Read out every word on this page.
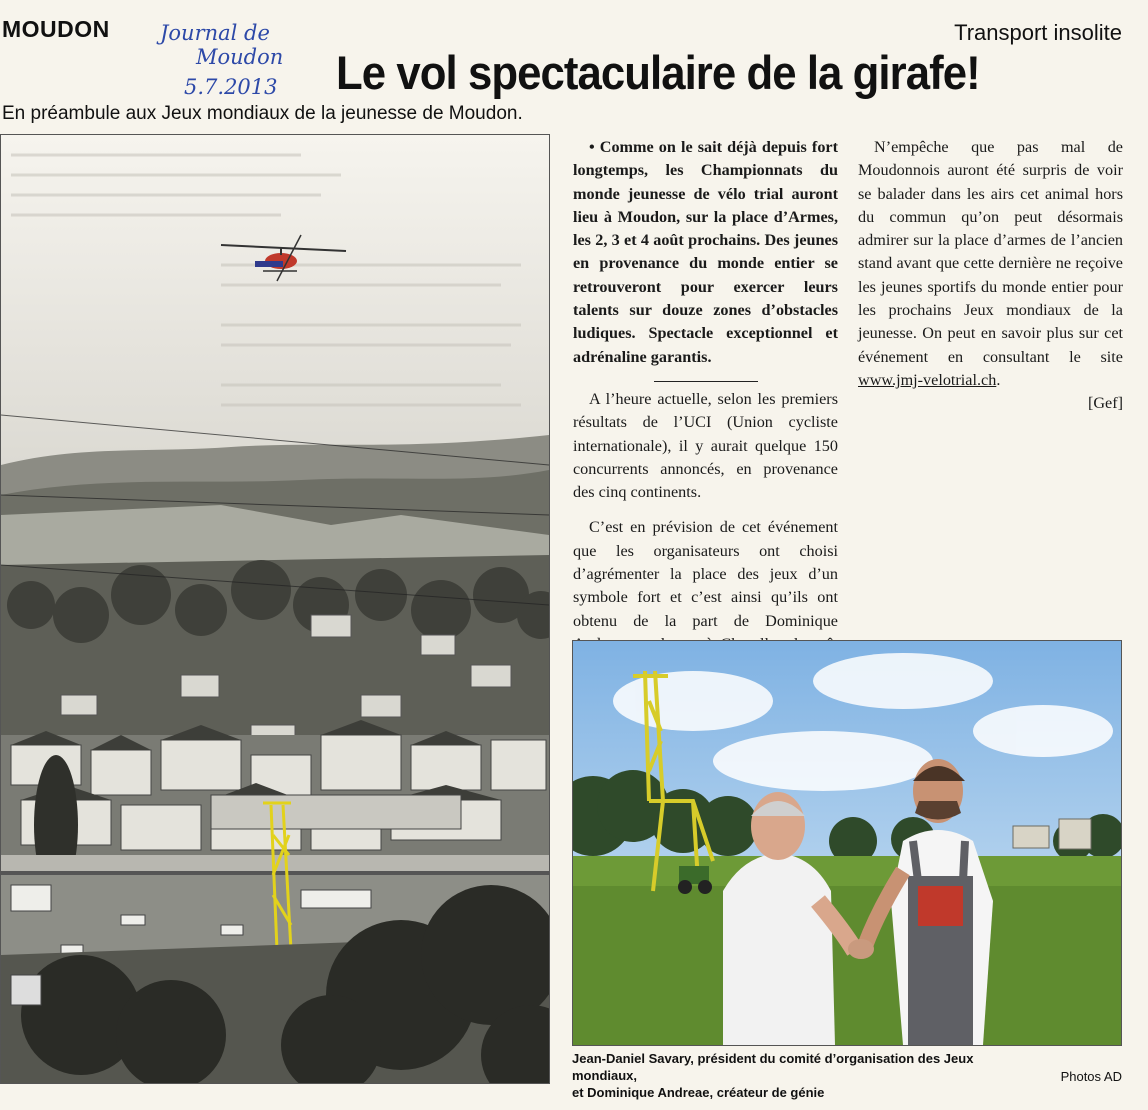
MOUDON Journal de
Moudon
5.7.2013
Transport insolite
Le vol spectaculaire de la girafe!
En préambule aux Jeux mondiaux de la jeunesse de Moudon.

• Comme on le sait déjà depuis fort longtemps, les Championnats du monde jeunesse de vélo trial auront lieu à Moudon, sur la place d’Armes, les 2, 3 et 4 août prochains. Des jeunes en provenance du monde entier se retrouveront pour exercer leurs talents sur douze zones d’obstacles ludiques. Spectacle exceptionnel et adrénaline garantis.

A l’heure actuelle, selon les premiers résultats de l’UCI (Union cycliste internationale), il y aurait quelque 150 concurrents annoncés, en provenance des cinq continents.

C’est en prévision de cet événement que les organisateurs ont choisi d’agrémenter la place des jeux d’un symbole fort et c’est ainsi qu’ils ont obtenu de la part de Dominique

N’empêche que pas mal de Moudonnois auront été surpris de voir se balader dans les airs cet animal hors du commun qu’on peut désormais admirer sur la place d’armes de l’ancien stand avant que cette dernière ne reçoive les jeunes sportifs du monde entier pour les prochains Jeux mondiaux de la jeunesse. On peut en savoir plus sur cet événement en consultant le site www.jmj-velotrial.ch.

[Gef]

Jean-Daniel Savary, président du comité d’organisation des Jeux mondiaux,
et Dominique Andreae, créateur de génie
Photos AD
